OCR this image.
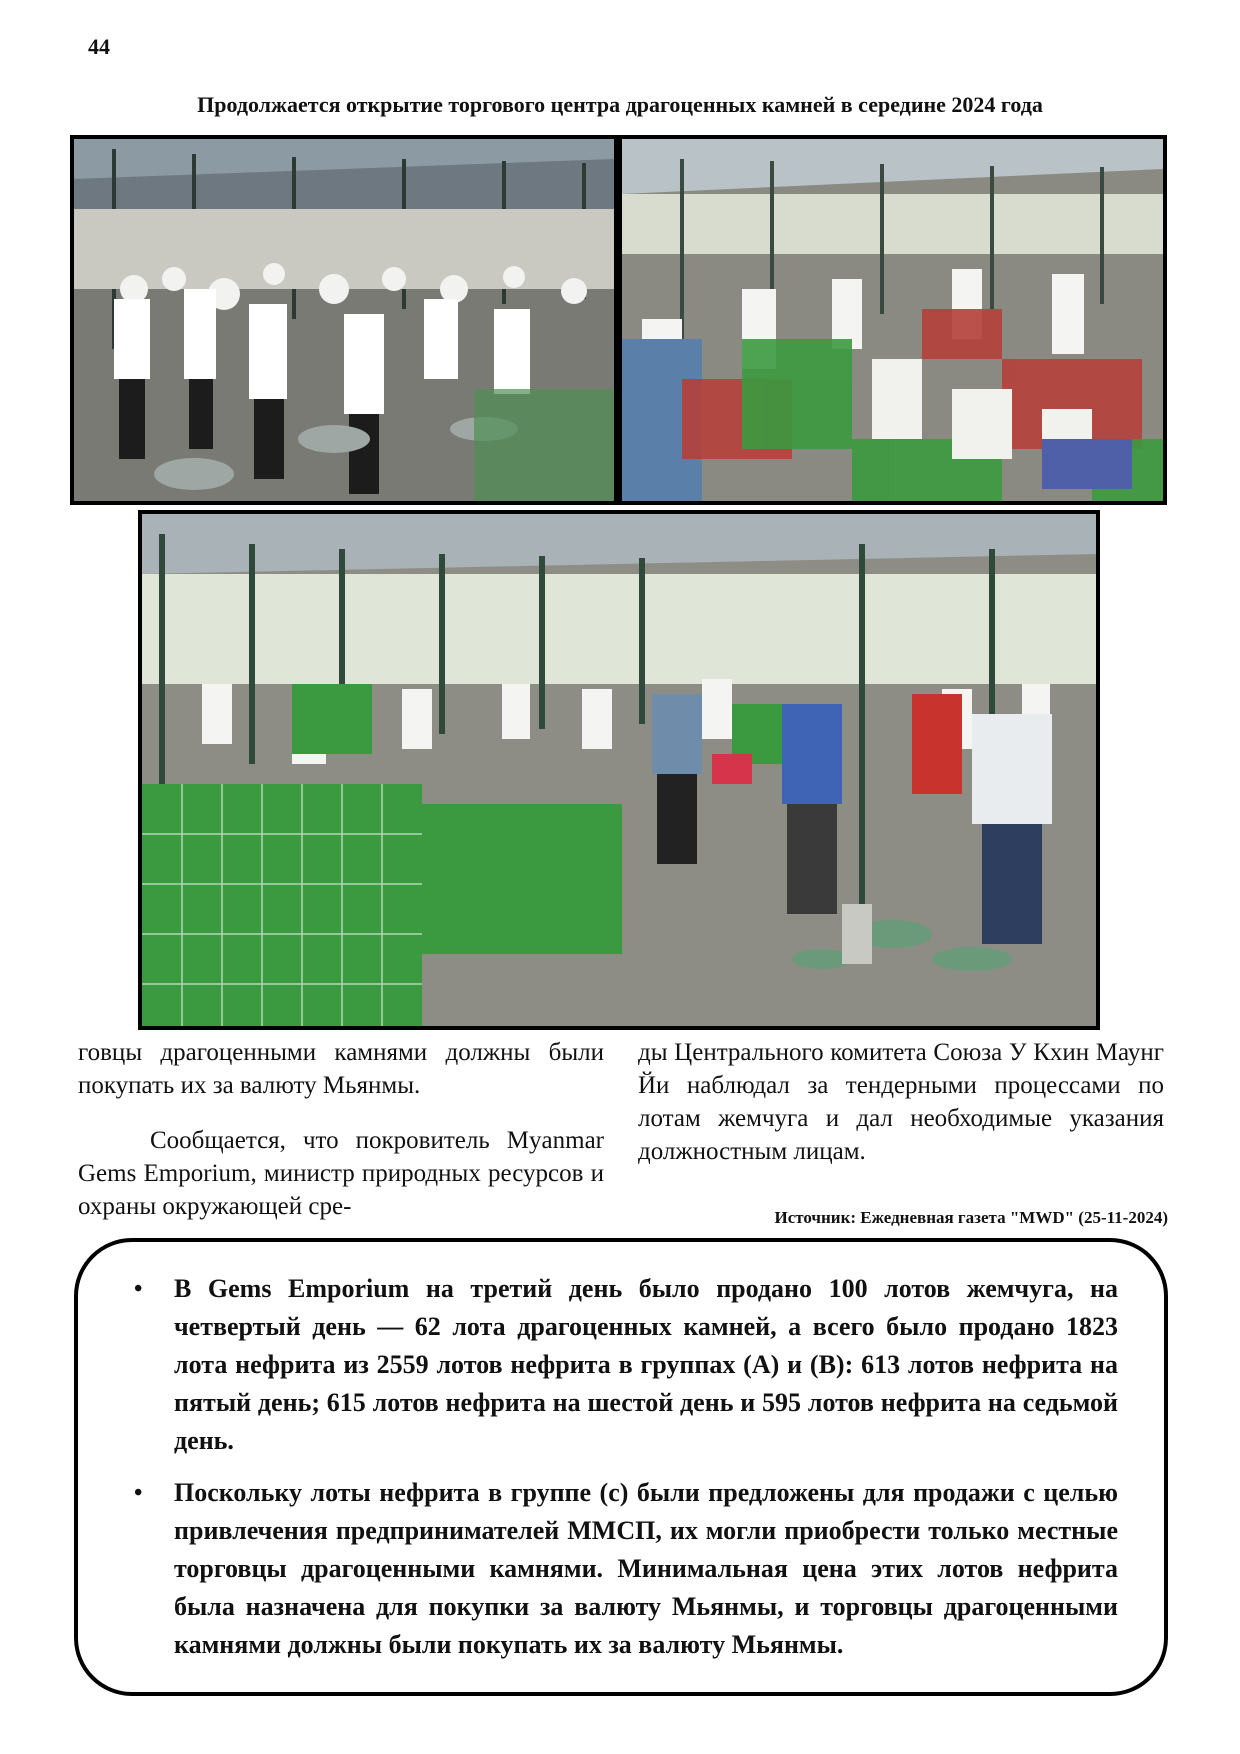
44
Продолжается открытие торгового центра драгоценных камней в середине 2024 года

говцы драгоценными камнями должны были покупать их за валюту Мьянмы.

Сообщается, что покровитель Myanmar Gems Emporium, министр природных ресурсов и охраны окружающей сре-

ды Центрального комитета Союза У Кхин Маунг Йи наблюдал за тендерными процессами по лотам жемчуга и дал необходимые указания должностным лицам.

Источник: Ежедневная газета "MWD" (25-11-2024)
• В Gems Emporium на третий день было продано 100 лотов жемчуга, на четвертый день — 62 лота драгоценных камней, а всего было продано 1823 лота нефрита из 2559 лотов нефрита в группах (A) и (B): 613 лотов нефрита на пятый день; 615 лотов нефрита на шестой день и 595 лотов нефрита на седьмой день.
• Поскольку лоты нефрита в группе (c) были предложены для продажи с целью привлечения предпринимателей ММСП, их могли приобрести только местные торговцы драгоценными камнями. Минимальная цена этих лотов нефрита была назначена для покупки за валюту Мьянмы, и торговцы драгоценными камнями должны были покупать их за валюту Мьянмы.
